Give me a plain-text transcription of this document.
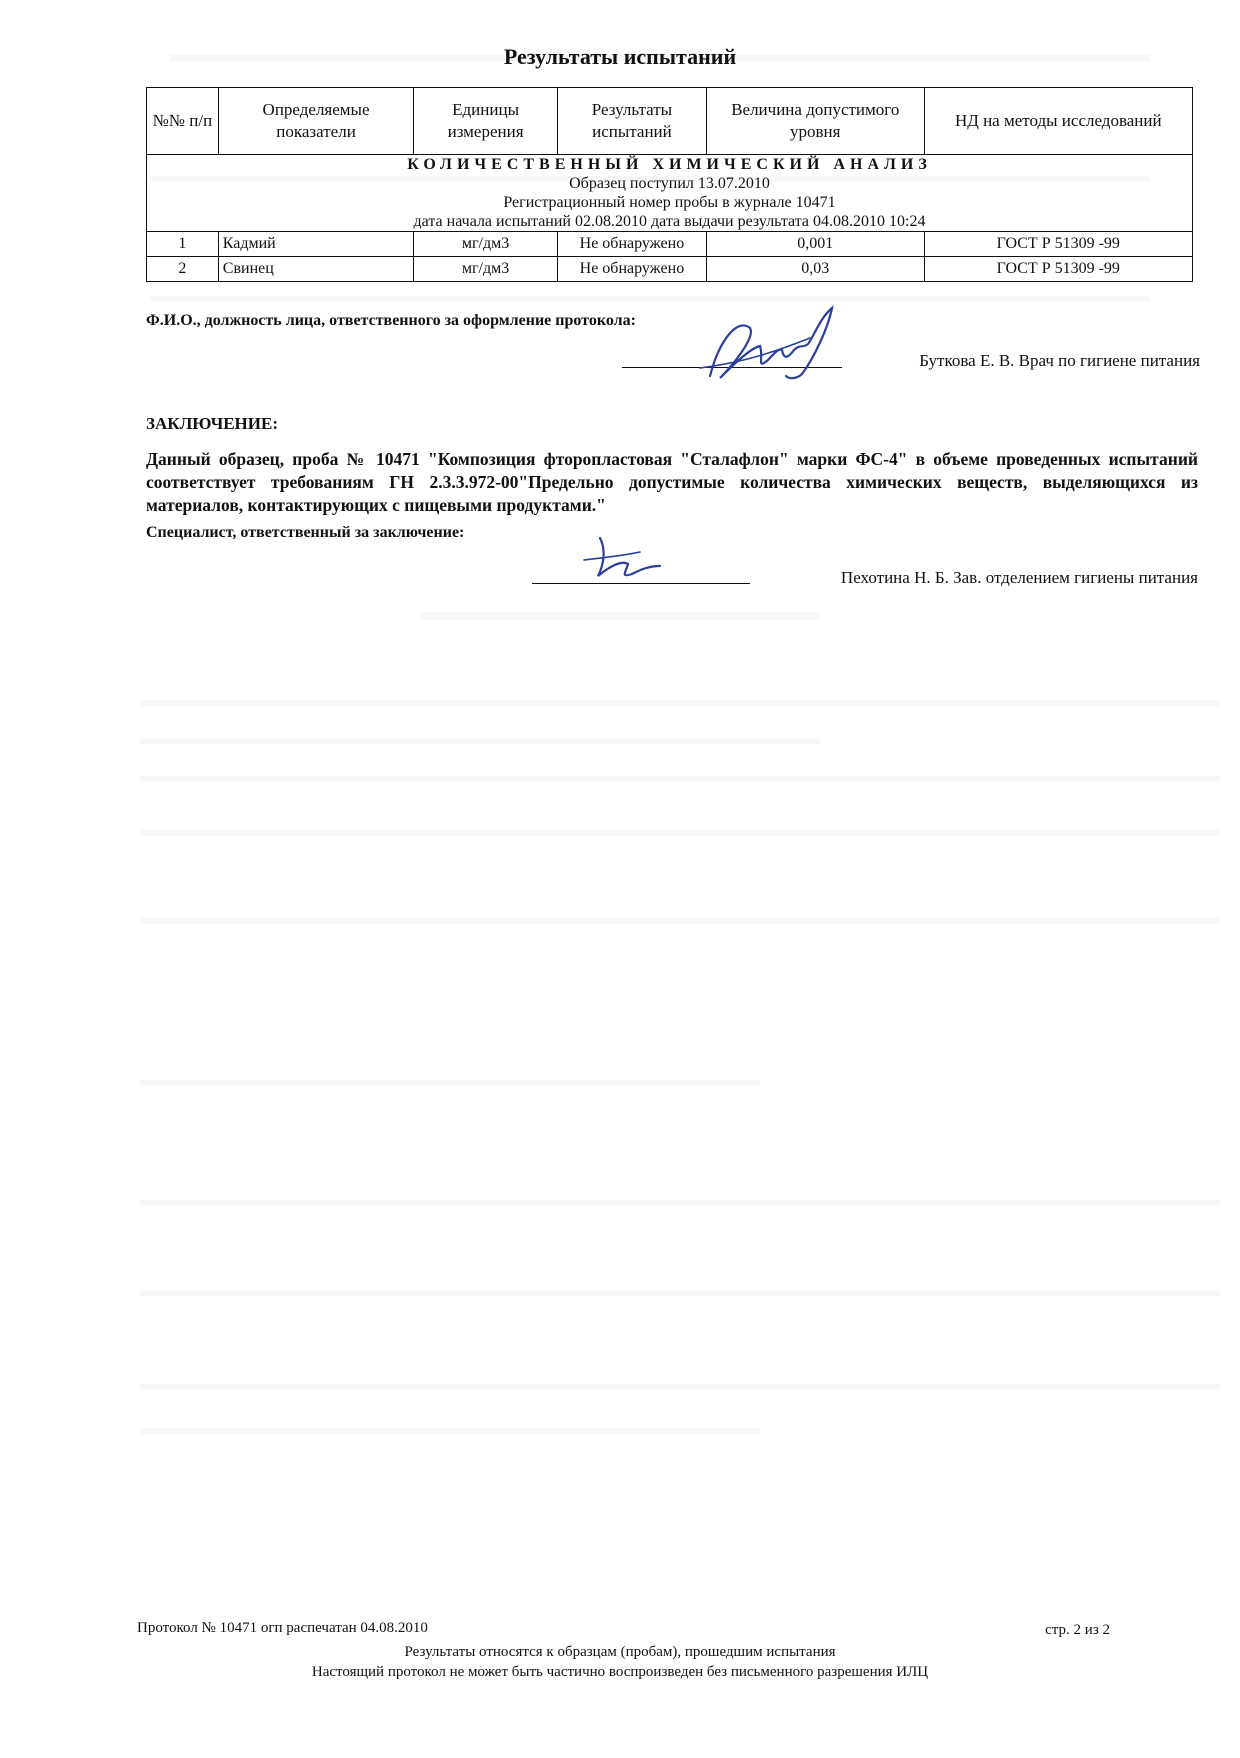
Результаты испытаний
№№ п/п	Определяемые показатели	Единицы измерения	Результаты испытаний	Величина допустимого уровня	НД на методы исследований

КОЛИЧЕСТВЕННЫЙ ХИМИЧЕСКИЙ АНАЛИЗ
Образец поступил 13.07.2010
Регистрационный номер пробы в журнале 10471
дата начала испытаний 02.08.2010 дата выдачи результата 04.08.2010 10:24					

1	Кадмий	мг/дм3	Не обнаружено	0,001	ГОСТ Р 51309 -99
2	Свинец	мг/дм3	Не обнаружено	0,03	ГОСТ Р 51309 -99
Ф.И.О., должность лица, ответственного за оформление протокола:
Буткова Е. В. Врач по гигиене питания
ЗАКЛЮЧЕНИЕ:
Данный образец, проба № 10471 "Композиция фторопластовая "Сталафлон" марки ФС-4" в объеме проведенных испытаний соответствует требованиям ГН 2.3.3.972-00"Предельно допустимые количества химических веществ, выделяющихся из материалов, контактирующих с пищевыми продуктами."
Специалист, ответственный за заключение:
Пехотина Н. Б. Зав. отделением гигиены питания
Протокол № 10471 огп распечатан 04.08.2010	стр. 2 из 2
Результаты относятся к образцам (пробам), прошедшим испытания
Настоящий протокол не может быть частично воспроизведен без письменного разрешения ИЛЦ
